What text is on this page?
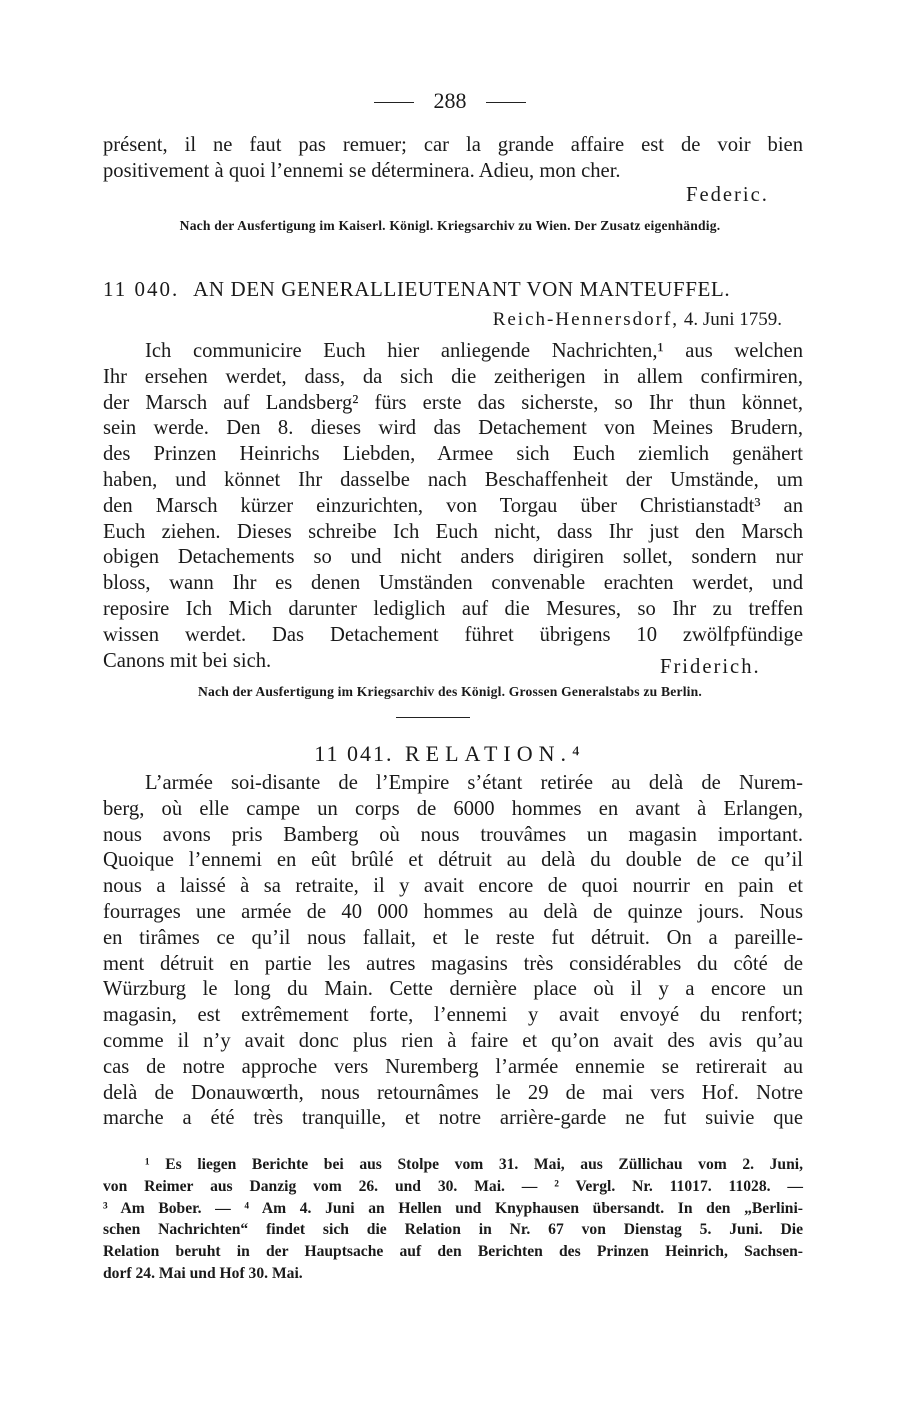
288
présent, il ne faut pas remuer; car la grande affaire est de voir bien
positivement à quoi l’ennemi se déterminera. Adieu, mon cher.
Federic.
Nach der Ausfertigung im Kaiserl. Königl. Kriegsarchiv zu Wien. Der Zusatz eigenhändig.
11 040. AN DEN GENERALLIEUTENANT VON MANTEUFFEL.
Reich-Hennersdorf, 4. Juni 1759.
Ich communicire Euch hier anliegende Nachrichten,¹ aus welchen
Ihr ersehen werdet, dass, da sich die zeitherigen in allem confirmiren,
der Marsch auf Landsberg² fürs erste das sicherste, so Ihr thun könnet,
sein werde. Den 8. dieses wird das Detachement von Meines Brudern,
des Prinzen Heinrichs Liebden, Armee sich Euch ziemlich genähert
haben, und könnet Ihr dasselbe nach Beschaffenheit der Umstände, um
den Marsch kürzer einzurichten, von Torgau über Christianstadt³ an
Euch ziehen. Dieses schreibe Ich Euch nicht, dass Ihr just den Marsch
obigen Detachements so und nicht anders dirigiren sollet, sondern nur
bloss, wann Ihr es denen Umständen convenable erachten werdet, und
reposire Ich Mich darunter lediglich auf die Mesures, so Ihr zu treffen
wissen werdet. Das Detachement führet übrigens 10 zwölfpfündige
Canons mit bei sich.	Friderich.
Nach der Ausfertigung im Kriegsarchiv des Königl. Grossen Generalstabs zu Berlin.
11 041. RELATION.⁴
L’armée soi-disante de l’Empire s’étant retirée au delà de Nurem-
berg, où elle campe un corps de 6000 hommes en avant à Erlangen,
nous avons pris Bamberg où nous trouvâmes un magasin important.
Quoique l’ennemi en eût brûlé et détruit au delà du double de ce qu’il
nous a laissé à sa retraite, il y avait encore de quoi nourrir en pain et
fourrages une armée de 40 000 hommes au delà de quinze jours. Nous
en tirâmes ce qu’il nous fallait, et le reste fut détruit. On a pareille-
ment détruit en partie les autres magasins très considérables du côté de
Würzburg le long du Main. Cette dernière place où il y a encore un
magasin, est extrêmement forte, l’ennemi y avait envoyé du renfort;
comme il n’y avait donc plus rien à faire et qu’on avait des avis qu’au
cas de notre approche vers Nuremberg l’armée ennemie se retirerait au
delà de Donauwœrth, nous retournâmes le 29 de mai vers Hof. Notre
marche a été très tranquille, et notre arrière-garde ne fut suivie que
¹ Es liegen Berichte bei aus Stolpe vom 31. Mai, aus Züllichau vom 2. Juni,
von Reimer aus Danzig vom 26. und 30. Mai. — ² Vergl. Nr. 11017. 11028. —
³ Am Bober. — ⁴ Am 4. Juni an Hellen und Knyphausen übersandt. In den „Berlini-
schen Nachrichten“ findet sich die Relation in Nr. 67 von Dienstag 5. Juni. Die
Relation beruht in der Hauptsache auf den Berichten des Prinzen Heinrich, Sachsen-
dorf 24. Mai und Hof 30. Mai.
